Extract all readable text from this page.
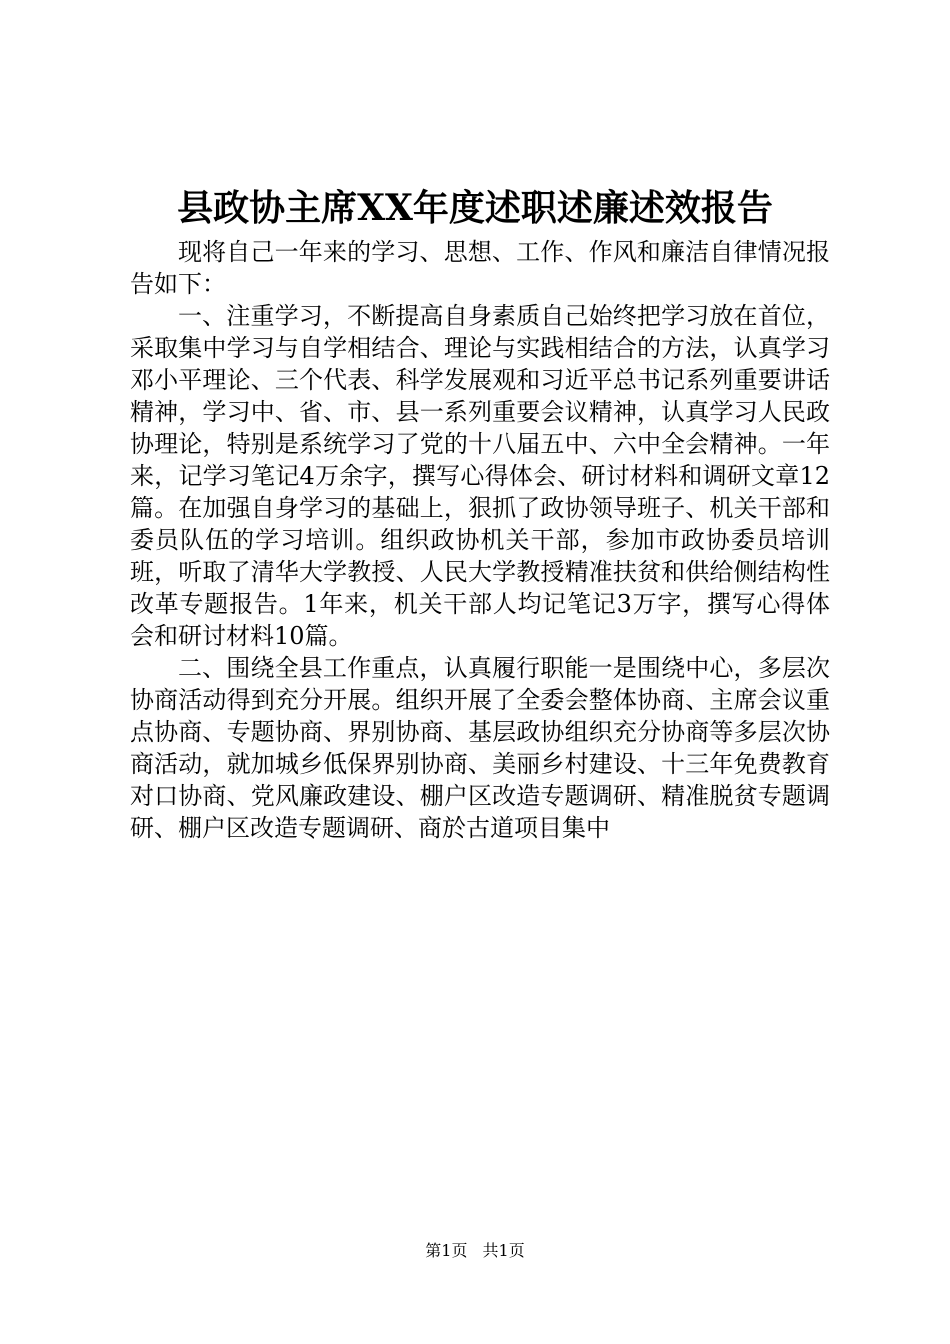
县政协主席XX年度述职述廉述效报告

现将自己一年来的学习、思想、工作、作风和廉洁自律情况报告如下：

一、注重学习，不断提高自身素质自己始终把学习放在首位，采取集中学习与自学相结合、理论与实践相结合的方法，认真学习邓小平理论、三个代表、科学发展观和习近平总书记系列重要讲话精神，学习中、省、市、县一系列重要会议精神，认真学习人民政协理论，特别是系统学习了党的十八届五中、六中全会精神。一年来，记学习笔记4万余字，撰写心得体会、研讨材料和调研文章12篇。在加强自身学习的基础上，狠抓了政协领导班子、机关干部和委员队伍的学习培训。组织政协机关干部，参加市政协委员培训班，听取了清华大学教授、人民大学教授精准扶贫和供给侧结构性改革专题报告。1年来，机关干部人均记笔记3万字，撰写心得体会和研讨材料10篇。

二、围绕全县工作重点，认真履行职能一是围绕中心，多层次协商活动得到充分开展。组织开展了全委会整体协商、主席会议重点协商、专题协商、界别协商、基层政协组织充分协商等多层次协商活动，就加城乡低保界别协商、美丽乡村建设、十三年免费教育对口协商、党风廉政建设、棚户区改造专题调研、精准脱贫专题调研、棚户区改造专题调研、商於古道项目集中

第1页 共1页
